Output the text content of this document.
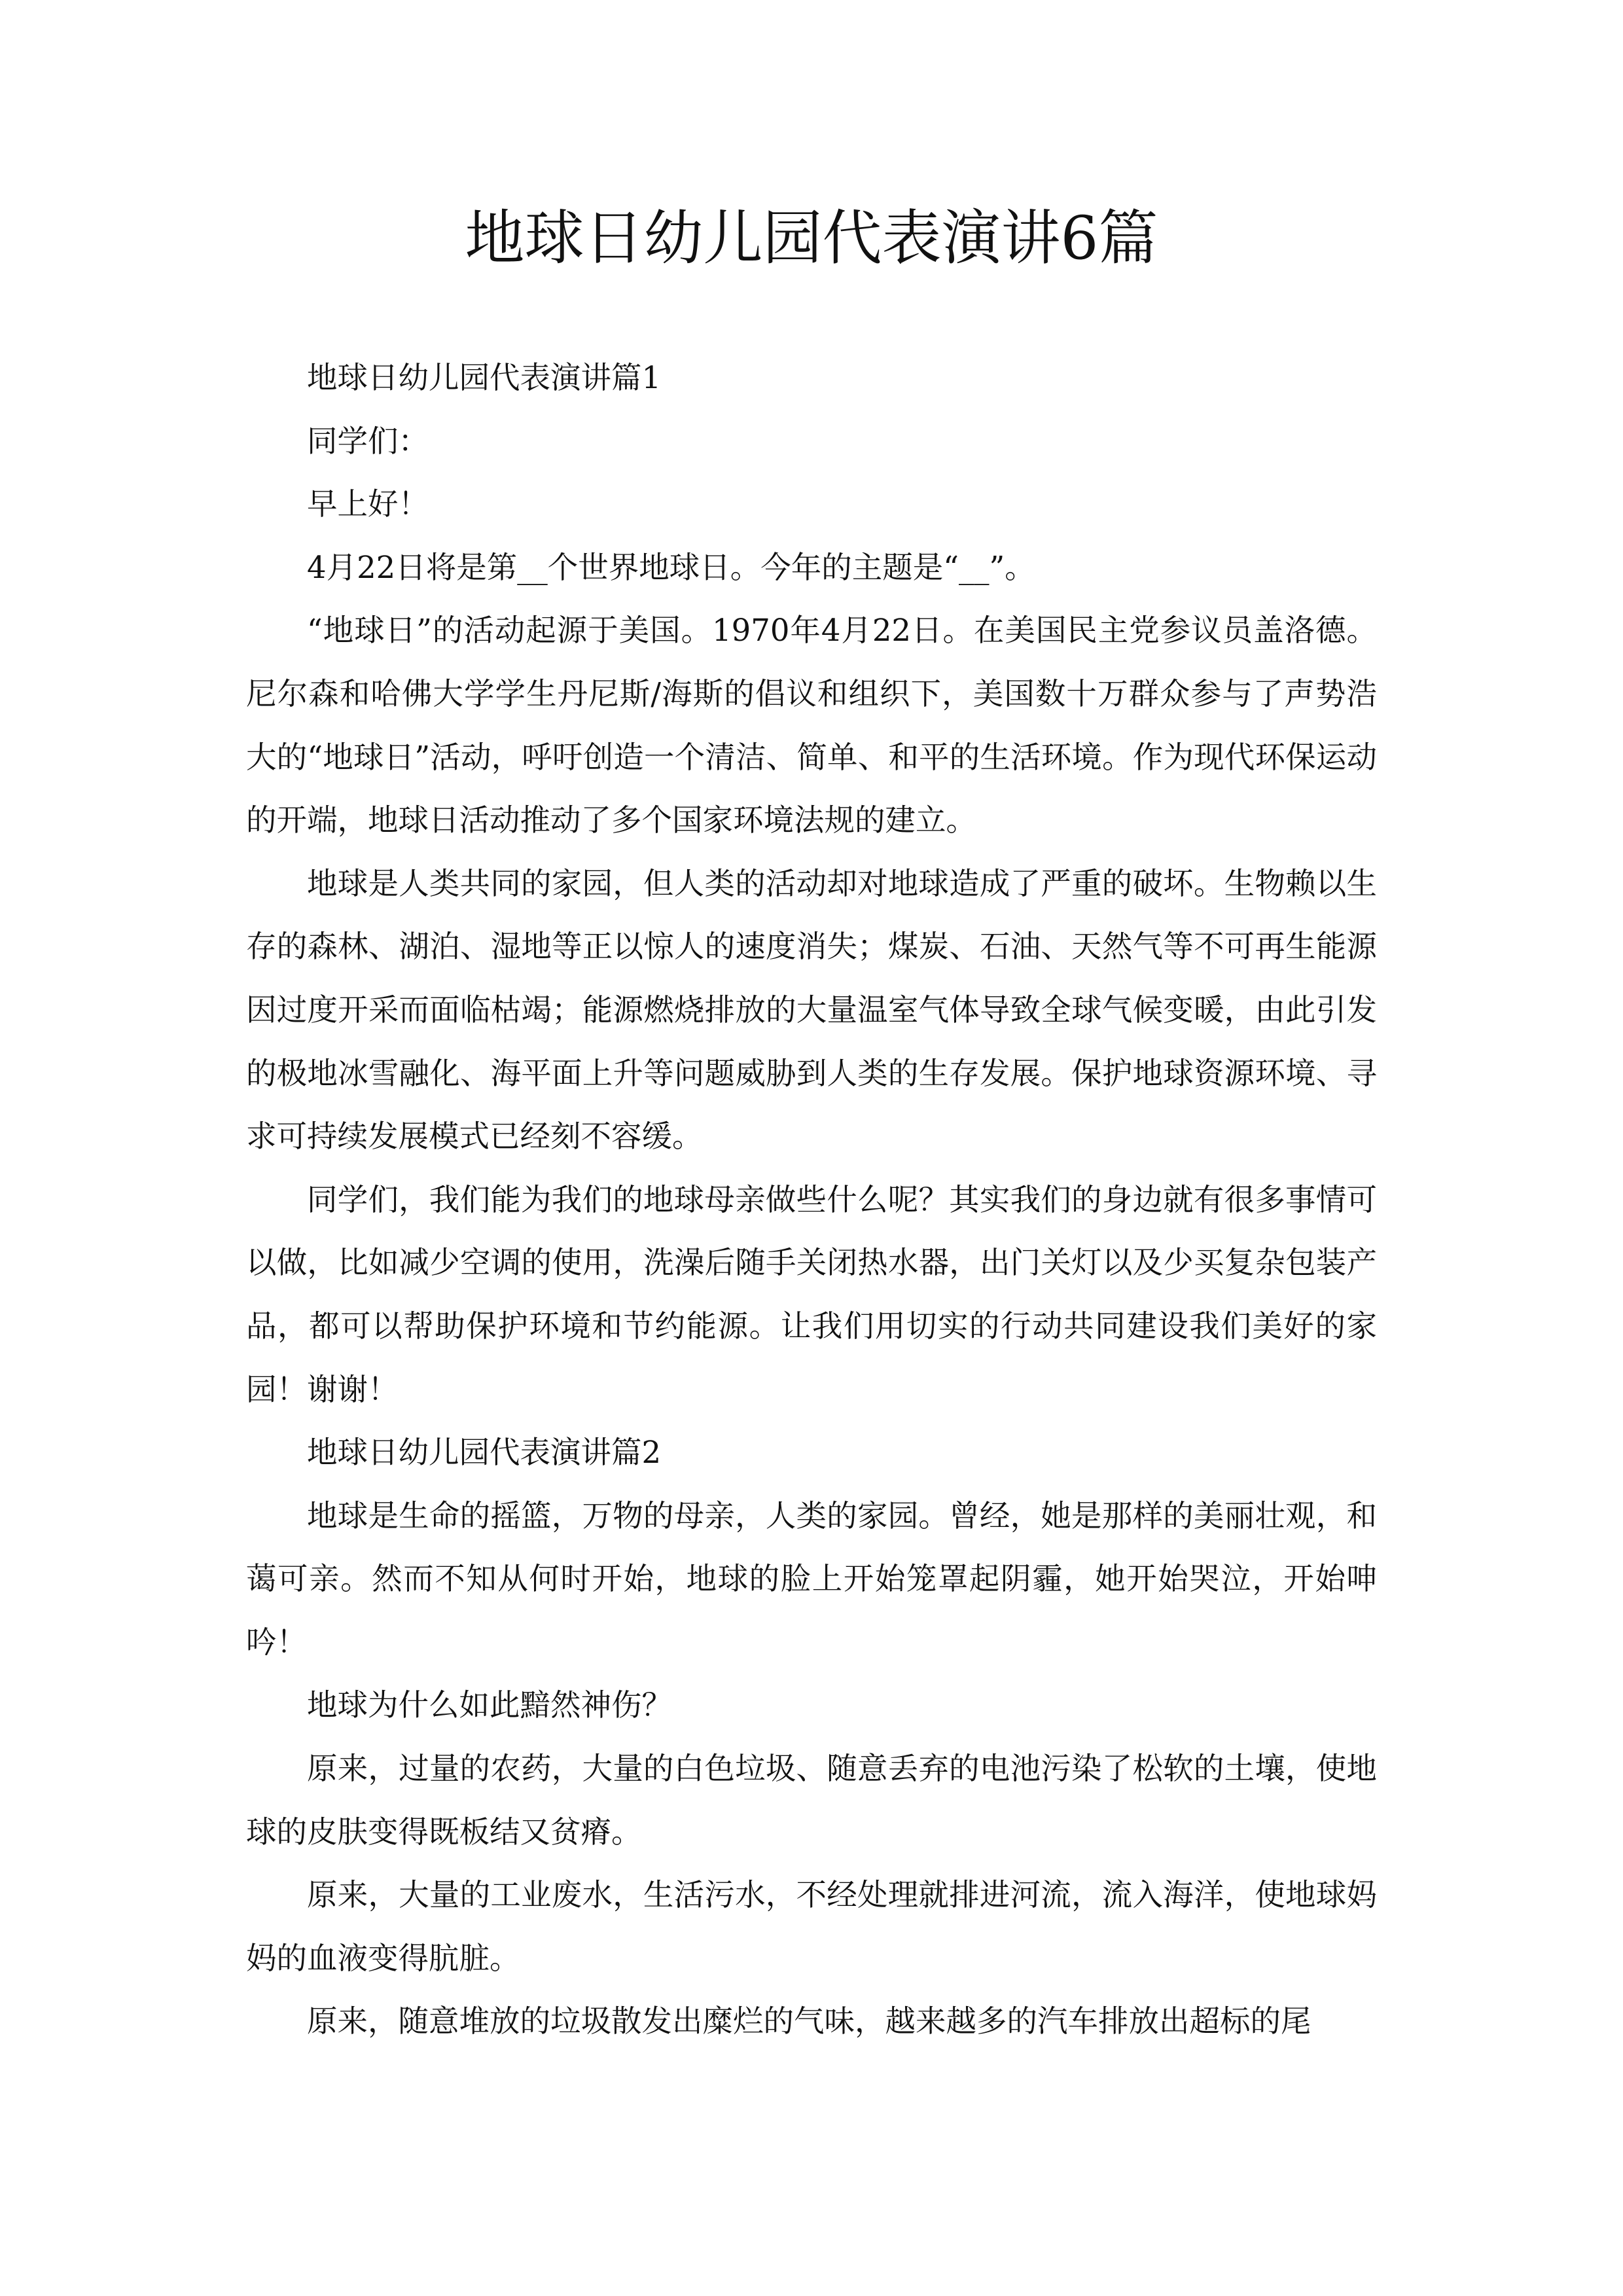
地球日幼儿园代表演讲6篇

地球日幼儿园代表演讲篇1

同学们：

早上好！

4月22日将是第__个世界地球日。今年的主题是“__”。

“地球日”的活动起源于美国。1970年4月22日。在美国民主党参议员盖洛德。尼尔森和哈佛大学学生丹尼斯/海斯的倡议和组织下，美国数十万群众参与了声势浩大的“地球日”活动，呼吁创造一个清洁、简单、和平的生活环境。作为现代环保运动的开端，地球日活动推动了多个国家环境法规的建立。

地球是人类共同的家园，但人类的活动却对地球造成了严重的破坏。生物赖以生存的森林、湖泊、湿地等正以惊人的速度消失；煤炭、石油、天然气等不可再生能源因过度开采而面临枯竭；能源燃烧排放的大量温室气体导致全球气候变暖，由此引发的极地冰雪融化、海平面上升等问题威胁到人类的生存发展。保护地球资源环境、寻求可持续发展模式已经刻不容缓。

同学们，我们能为我们的地球母亲做些什么呢？其实我们的身边就有很多事情可以做，比如减少空调的使用，洗澡后随手关闭热水器，出门关灯以及少买复杂包装产品，都可以帮助保护环境和节约能源。让我们用切实的行动共同建设我们美好的家园！谢谢！

地球日幼儿园代表演讲篇2

地球是生命的摇篮，万物的母亲，人类的家园。曾经，她是那样的美丽壮观，和蔼可亲。然而不知从何时开始，地球的脸上开始笼罩起阴霾，她开始哭泣，开始呻吟！

地球为什么如此黯然神伤？

原来，过量的农药，大量的白色垃圾、随意丢弃的电池污染了松软的土壤，使地球的皮肤变得既板结又贫瘠。

原来，大量的工业废水，生活污水，不经处理就排进河流，流入海洋，使地球妈妈的血液变得肮脏。

原来，随意堆放的垃圾散发出糜烂的气味，越来越多的汽车排放出超标的尾
